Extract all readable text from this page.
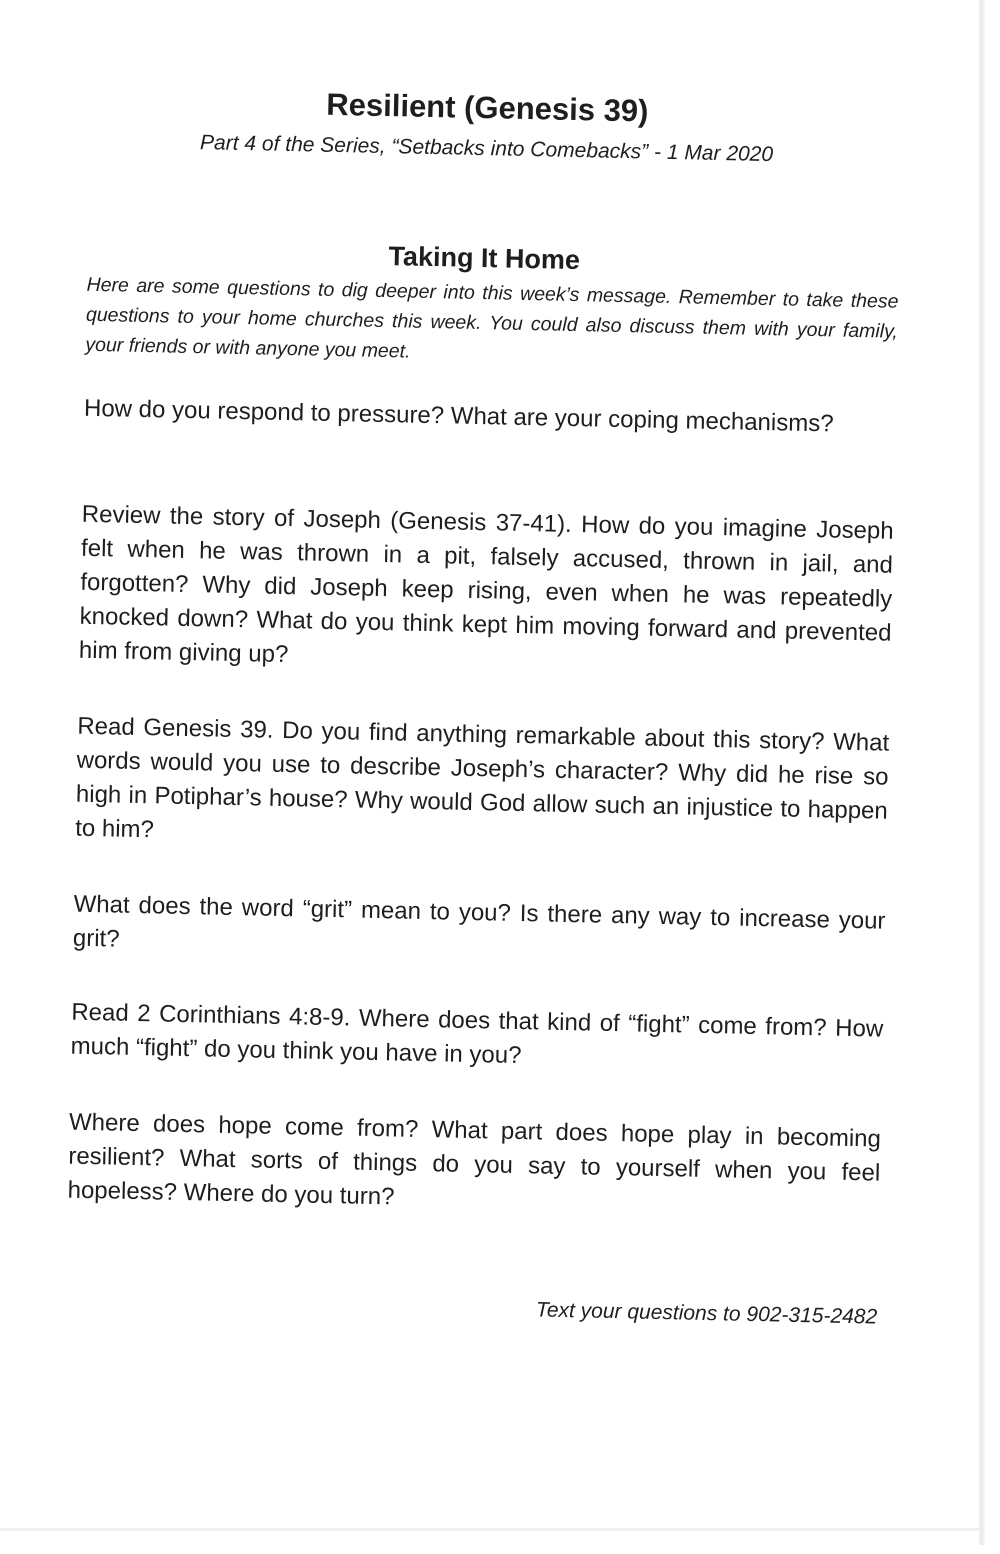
Resilient (Genesis 39)

Part 4 of the Series, “Setbacks into Comebacks” - 1 Mar 2020

Taking It Home

Here are some questions to dig deeper into this week’s message. Remember to take these questions to your home churches this week. You could also discuss them with your family, your friends or with anyone you meet.

How do you respond to pressure? What are your coping mechanisms?

Review the story of Joseph (Genesis 37-41). How do you imagine Joseph felt when he was thrown in a pit, falsely accused, thrown in jail, and forgotten? Why did Joseph keep rising, even when he was repeatedly knocked down? What do you think kept him moving forward and prevented him from giving up?

Read Genesis 39. Do you find anything remarkable about this story? What words would you use to describe Joseph’s character? Why did he rise so high in Potiphar’s house? Why would God allow such an injustice to happen to him?

What does the word “grit” mean to you? Is there any way to increase your grit?

Read 2 Corinthians 4:8-9. Where does that kind of “fight” come from? How much “fight” do you think you have in you?

Where does hope come from? What part does hope play in becoming resilient? What sorts of things do you say to yourself when you feel hopeless? Where do you turn?

Text your questions to 902-315-2482
